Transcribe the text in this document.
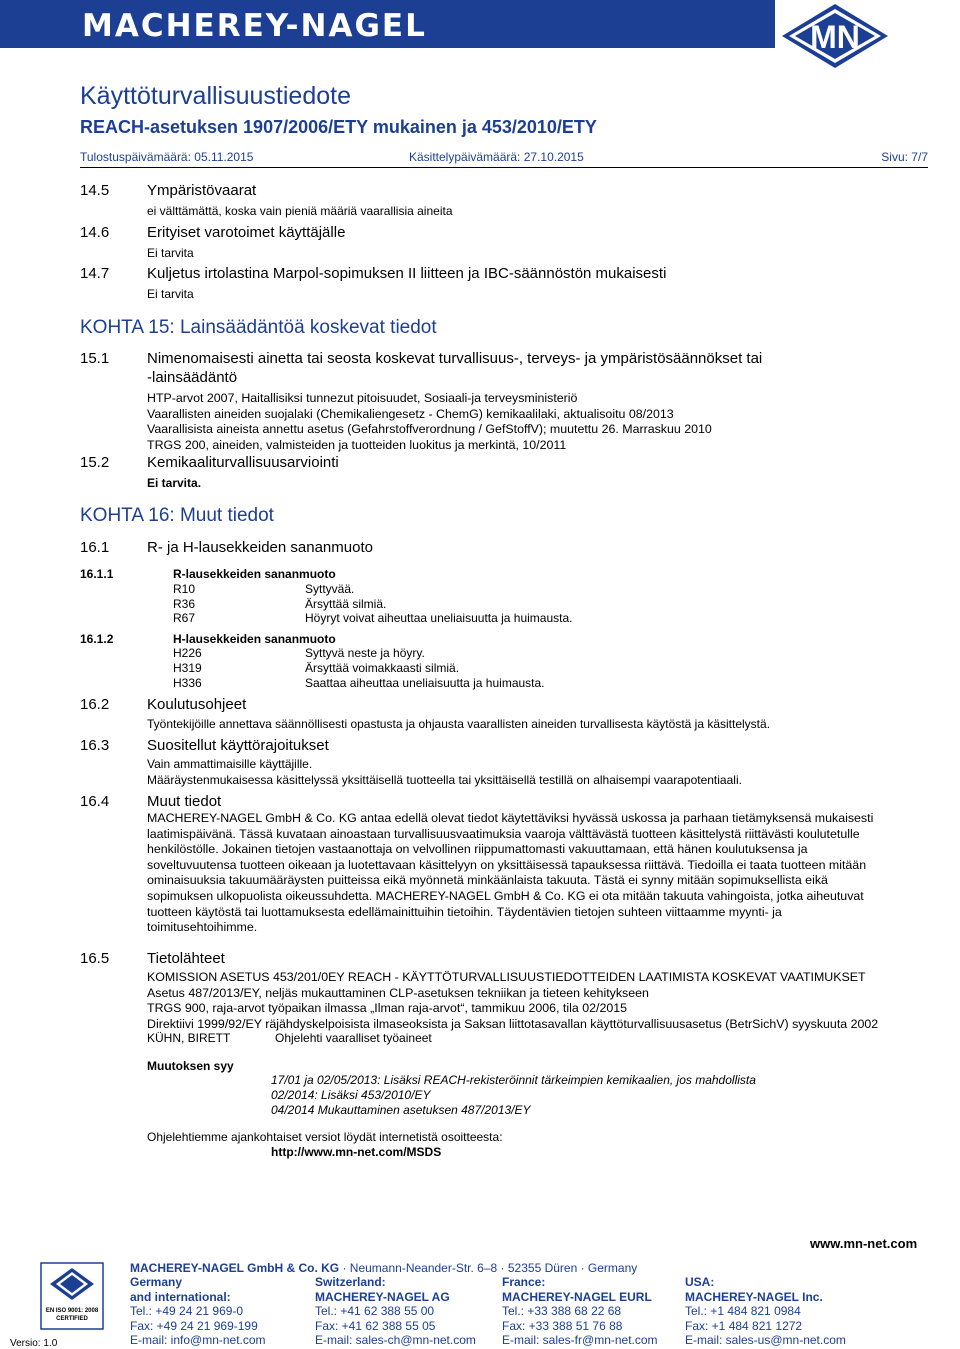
MACHEREY-NAGEL	MN
Käyttöturvallisuustiedote
REACH-asetuksen 1907/2006/ETY mukainen ja 453/2010/ETY
Tulostuspäivämäärä: 05.11.2015	Käsittelypäivämäärä: 27.10.2015	Sivu: 7/7
14.5	Ympäristövaarat
ei välttämättä, koska vain pieniä määriä vaarallisia aineita
14.6	Erityiset varotoimet käyttäjälle
Ei tarvita
14.7	Kuljetus irtolastina Marpol-sopimuksen II liitteen ja IBC-säännöstön mukaisesti
Ei tarvita
KOHTA 15: Lainsäädäntöä koskevat tiedot
15.1	Nimenomaisesti ainetta tai seosta koskevat turvallisuus-, terveys- ja ympäristösäännökset tai
-lainsäädäntö
HTP-arvot 2007, Haitallisiksi tunnezut pitoisuudet, Sosiaali-ja terveysministeriö
Vaarallisten aineiden suojalaki (Chemikaliengesetz - ChemG) kemikaalilaki, aktualisoitu 08/2013
Vaarallisista aineista annettu asetus (Gefahrstoffverordnung / GefStoffV); muutettu 26. Marraskuu 2010
TRGS 200, aineiden, valmisteiden ja tuotteiden luokitus ja merkintä, 10/2011
15.2	Kemikaaliturvallisuusarviointi
Ei tarvita.
KOHTA 16: Muut tiedot
16.1	R- ja H-lausekkeiden sananmuoto
16.1.1	R-lausekkeiden sananmuoto
R10	Syttyvää.
R36	Ärsyttää silmiä.
R67	Höyryt voivat aiheuttaa uneliaisuutta ja huimausta.
16.1.2	H-lausekkeiden sananmuoto
H226	Syttyvä neste ja höyry.
H319	Ärsyttää voimakkaasti silmiä.
H336	Saattaa aiheuttaa uneliaisuutta ja huimausta.
16.2	Koulutusohjeet
Työntekijöille annettava säännöllisesti opastusta ja ohjausta vaarallisten aineiden turvallisesta käytöstä ja käsittelystä.
16.3	Suositellut käyttörajoitukset
Vain ammattimaisille käyttäjille.
Määräystenmukaisessa käsittelyssä yksittäisellä tuotteella tai yksittäisellä testillä on alhaisempi vaarapotentiaali.
16.4	Muut tiedot
MACHEREY-NAGEL GmbH & Co. KG antaa edellä olevat tiedot käytettäviksi hyvässä uskossa ja parhaan tietämyksensä mukaisesti
laatimispäivänä. Tässä kuvataan ainoastaan turvallisuusvaatimuksia vaaroja välttävästä tuotteen käsittelystä riittävästi koulutetulle
henkilöstölle. Jokainen tietojen vastaanottaja on velvollinen riippumattomasti vakuuttamaan, että hänen koulutuksensa ja
soveltuvuutensa tuotteen oikeaan ja luotettavaan käsittelyyn on yksittäisessä tapauksessa riittävä. Tiedoilla ei taata tuotteen mitään
ominaisuuksia takuumääräysten puitteissa eikä myönnetä minkäänlaista takuuta. Tästä ei synny mitään sopimuksellista eikä
sopimuksen ulkopuolista oikeussuhdetta. MACHEREY-NAGEL GmbH & Co. KG ei ota mitään takuuta vahingoista, jotka aiheutuvat
tuotteen käytöstä tai luottamuksesta edellämainittuihin tietoihin. Täydentävien tietojen suhteen viittaamme myynti- ja
toimitusehtoihimme.
16.5	Tietolähteet
KOMISSION ASETUS 453/201/0EY REACH - KÄYTTÖTURVALLISUUSTIEDOTTEIDEN LAATIMISTA KOSKEVAT VAATIMUKSET
Asetus 487/2013/EY, neljäs mukauttaminen CLP-asetuksen tekniikan ja tieteen kehitykseen
TRGS 900, raja-arvot työpaikan ilmassa „Ilman raja-arvot“, tammikuu 2006, tila 02/2015
Direktiivi 1999/92/EY räjähdyskelpoisista ilmaseoksista ja Saksan liittotasavallan käyttöturvallisuusasetus (BetrSichV) syyskuuta 2002
KÜHN, BIRETT	Ohjelehti vaaralliset työaineet
Muutoksen syy
17/01 ja 02/05/2013: Lisäksi REACH-rekisteröinnit tärkeimpien kemikaalien, jos mahdollista
02/2014: Lisäksi 453/2010/EY
04/2014 Mukauttaminen asetuksen 487/2013/EY
Ohjelehtiemme ajankohtaiset versiot löydät internetistä osoitteesta:
http://www.mn-net.com/MSDS
EN ISO 9001: 2008
CERTIFIED
Versio: 1.0
www.mn-net.com
MACHEREY-NAGEL GmbH & Co. KG · Neumann-Neander-Str. 6–8 · 52355 Düren · Germany
Germany
and international:
Tel.: +49 24 21 969-0
Fax: +49 24 21 969-199
E-mail: info@mn-net.com
Switzerland:
MACHEREY-NAGEL AG
Tel.: +41 62 388 55 00
Fax: +41 62 388 55 05
E-mail: sales-ch@mn-net.com
France:
MACHEREY-NAGEL EURL
Tel.: +33 388 68 22 68
Fax: +33 388 51 76 88
E-mail: sales-fr@mn-net.com
USA:
MACHEREY-NAGEL Inc.
Tel.: +1 484 821 0984
Fax: +1 484 821 1272
E-mail: sales-us@mn-net.com
